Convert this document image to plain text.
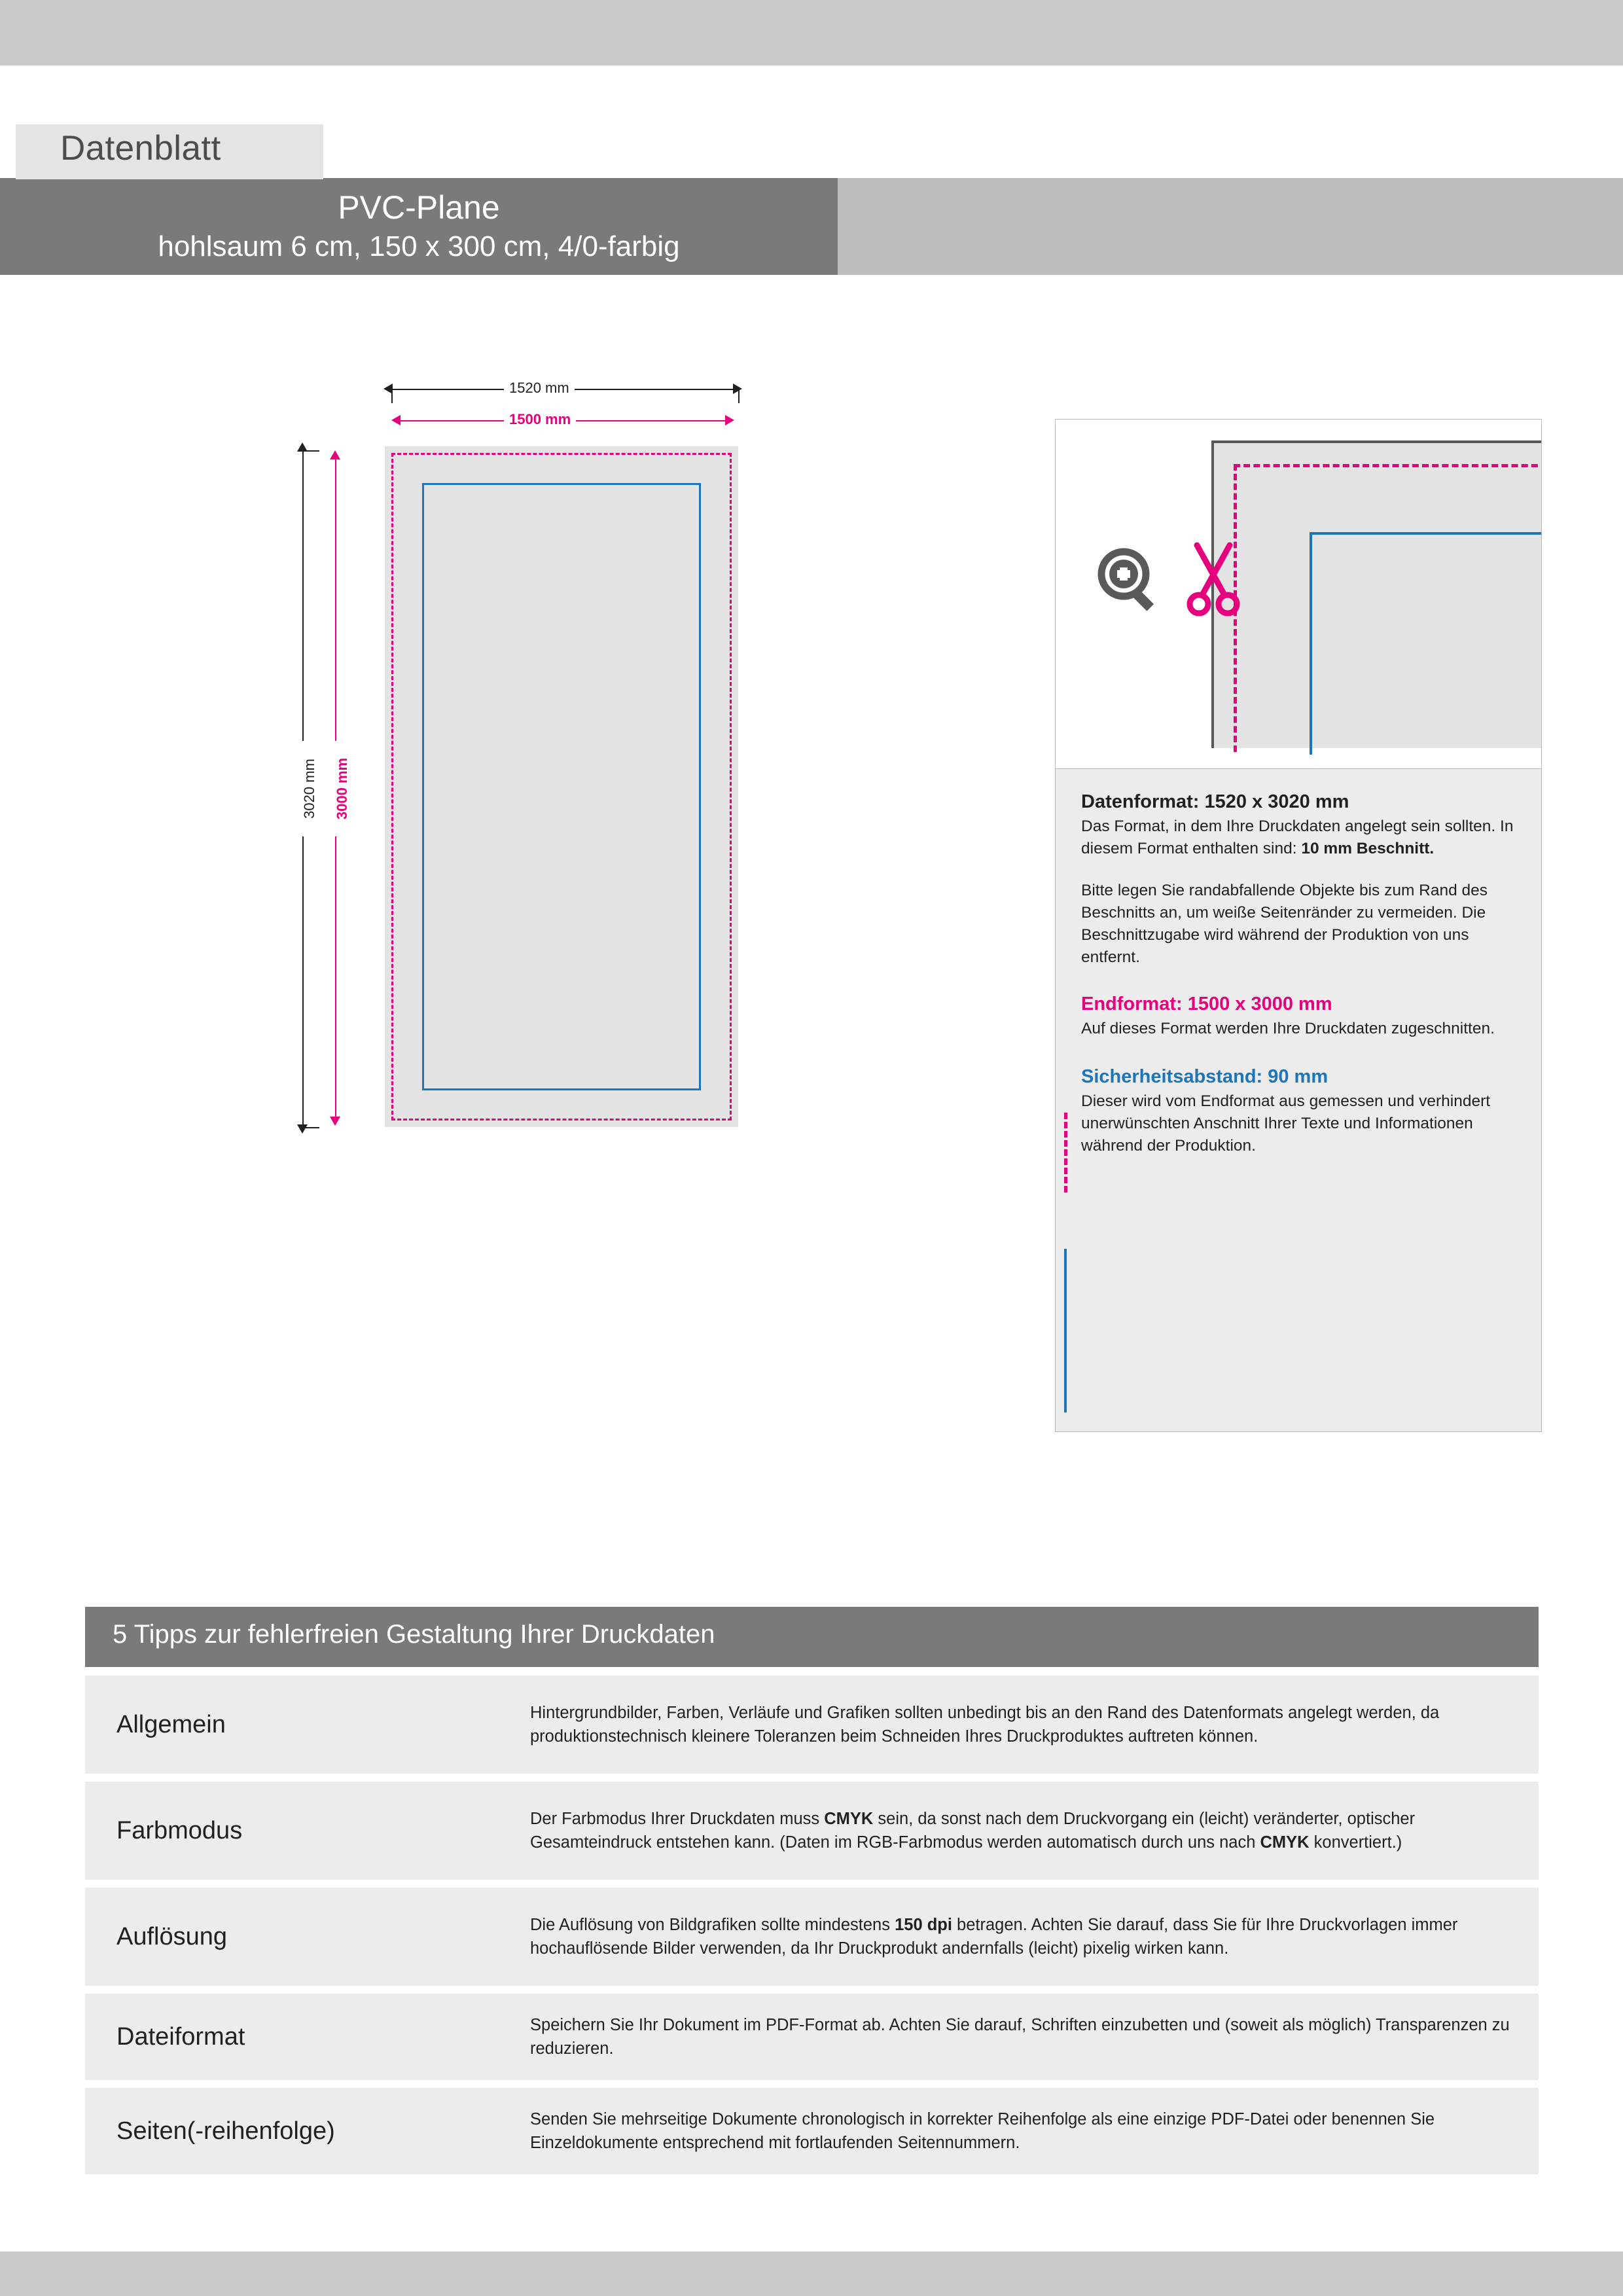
Datenblatt
PVC-Plane
hohlsaum 6 cm, 150 x 300 cm, 4/0-farbig
1520 mm
1500 mm
3020 mm 3000 mm	Datenformat: 1520 x 3020 mm
Das Format, in dem Ihre Druckdaten angelegt sein sollten. In diesem Format enthalten sind: 10 mm Beschnitt.
Bitte legen Sie randabfallende Objekte bis zum Rand des Beschnitts an, um weiße Seitenränder zu vermeiden. Die Beschnittzugabe wird während der Produktion von uns entfernt.
Endformat: 1500 x 3000 mm
Auf dieses Format werden Ihre Druckdaten zugeschnitten.
Sicherheitsabstand: 90 mm
Dieser wird vom Endformat aus gemessen und verhindert unerwünschten Anschnitt Ihrer Texte und Informationen während der Produktion.
5 Tipps zur fehlerfreien Gestaltung Ihrer Druckdaten
Allgemein	Hintergrundbilder, Farben, Verläufe und Grafiken sollten unbedingt bis an den Rand des Datenformats angelegt werden, da produktionstechnisch kleinere Toleranzen beim Schneiden Ihres Druckproduktes auftreten können.
Farbmodus	Der Farbmodus Ihrer Druckdaten muss CMYK sein, da sonst nach dem Druckvorgang ein (leicht) veränderter, optischer Gesamteindruck entstehen kann. (Daten im RGB-Farbmodus werden automatisch durch uns nach CMYK konvertiert.)
Auflösung	Die Auflösung von Bildgrafiken sollte mindestens 150 dpi betragen. Achten Sie darauf, dass Sie für Ihre Druckvorlagen immer hochauflösende Bilder verwenden, da Ihr Druckprodukt andernfalls (leicht) pixelig wirken kann.
Dateiformat	Speichern Sie Ihr Dokument im PDF-Format ab. Achten Sie darauf, Schriften einzubetten und (soweit als möglich) Transparenzen zu reduzieren.
Seiten(-reihenfolge)	Senden Sie mehrseitige Dokumente chronologisch in korrekter Reihenfolge als eine einzige PDF-Datei oder benennen Sie Einzeldokumente entsprechend mit fortlaufenden Seitennummern.
